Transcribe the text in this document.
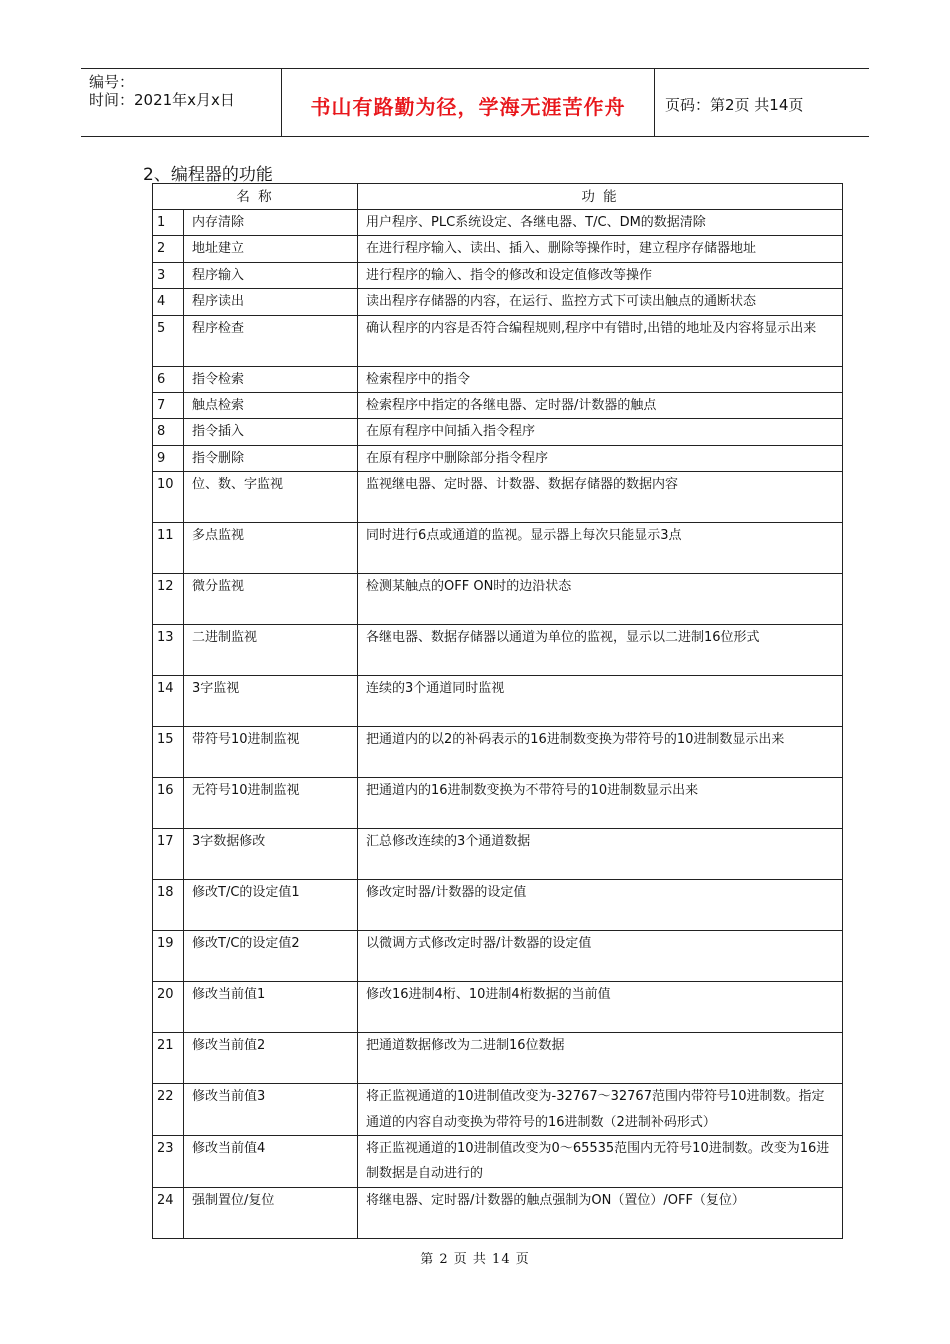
编号：
时间：2021年x月x日	书山有路勤为径，学海无涯苦作舟	页码：第2页 共14页
2、编程器的功能
名 称		功 能
1	内存清除	用户程序、PLC系统设定、各继电器、T/C、DM的数据清除
2	地址建立	在进行程序输入、读出、插入、删除等操作时，建立程序存储器地址
3	程序输入	进行程序的输入、指令的修改和设定值修改等操作
4	程序读出	读出程序存储器的内容，在运行、监控方式下可读出触点的通断状态
5	程序检查	确认程序的内容是否符合编程规则,程序中有错时,出错的地址及内容将显示出来
6	指令检索	检索程序中的指令
7	触点检索	检索程序中指定的各继电器、定时器/计数器的触点
8	指令插入	在原有程序中间插入指令程序
9	指令删除	在原有程序中删除部分指令程序
10	位、数、字监视	监视继电器、定时器、计数器、数据存储器的数据内容
11	多点监视	同时进行6点或通道的监视。显示器上每次只能显示3点
12	微分监视	检测某触点的OFF ON时的边沿状态
13	二进制监视	各继电器、数据存储器以通道为单位的监视，显示以二进制16位形式
14	3字监视	连续的3个通道同时监视
15	带符号10进制监视	把通道内的以2的补码表示的16进制数变换为带符号的10进制数显示出来
16	无符号10进制监视	把通道内的16进制数变换为不带符号的10进制数显示出来
17	3字数据修改	汇总修改连续的3个通道数据
18	修改T/C的设定值1	修改定时器/计数器的设定值
19	修改T/C的设定值2	以微调方式修改定时器/计数器的设定值
20	修改当前值1	修改16进制4桁、10进制4桁数据的当前值
21	修改当前值2	把通道数据修改为二进制16位数据
22	修改当前值3	将正监视通道的10进制值改变为-32767～32767范围内带符号10进制数。指定通道的内容自动变换为带符号的16进制数（2进制补码形式）
23	修改当前值4	将正监视通道的10进制值改变为0～65535范围内无符号10进制数。改变为16进制数据是自动进行的
24	强制置位/复位	将继电器、定时器/计数器的触点强制为ON（置位）/OFF（复位）
第 2 页 共 14 页
